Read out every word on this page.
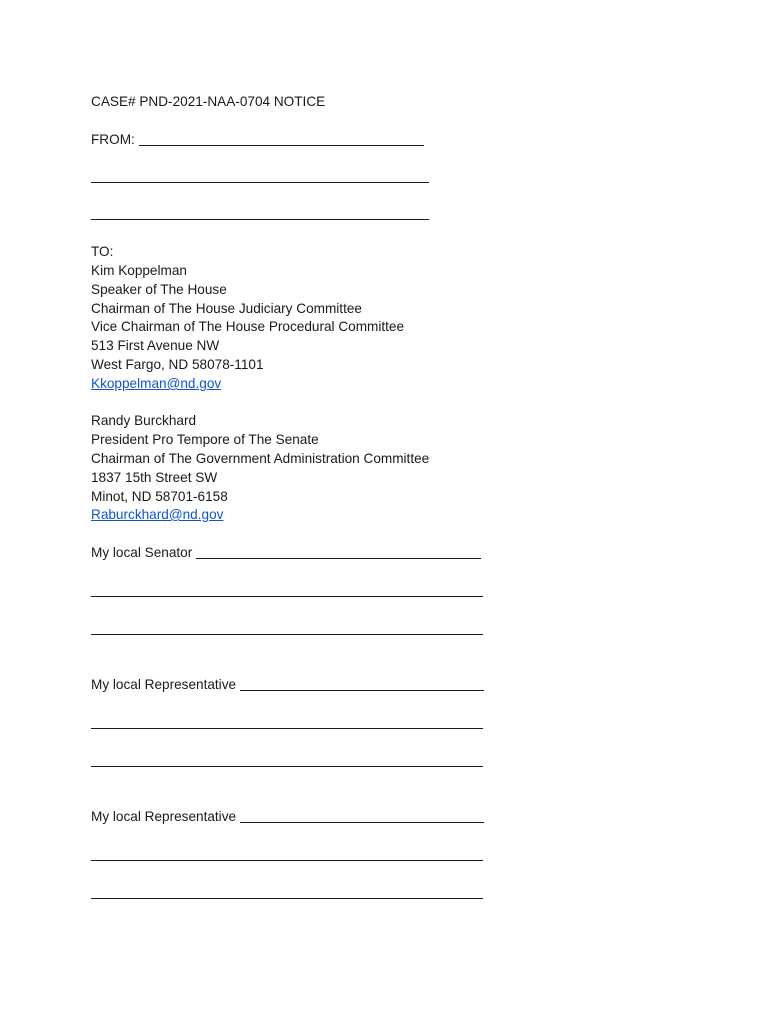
CASE# PND-2021-NAA-0704 NOTICE
FROM:
TO:
Kim Koppelman
Speaker of The House
Chairman of The House Judiciary Committee
Vice Chairman of The House Procedural Committee
513 First Avenue NW
West Fargo, ND 58078-1101
Kkoppelman@nd.gov
Randy Burckhard
President Pro Tempore of The Senate
Chairman of The Government Administration Committee
1837 15th Street SW
Minot, ND 58701-6158
Raburckhard@nd.gov
My local Senator
My local Representative
My local Representative
